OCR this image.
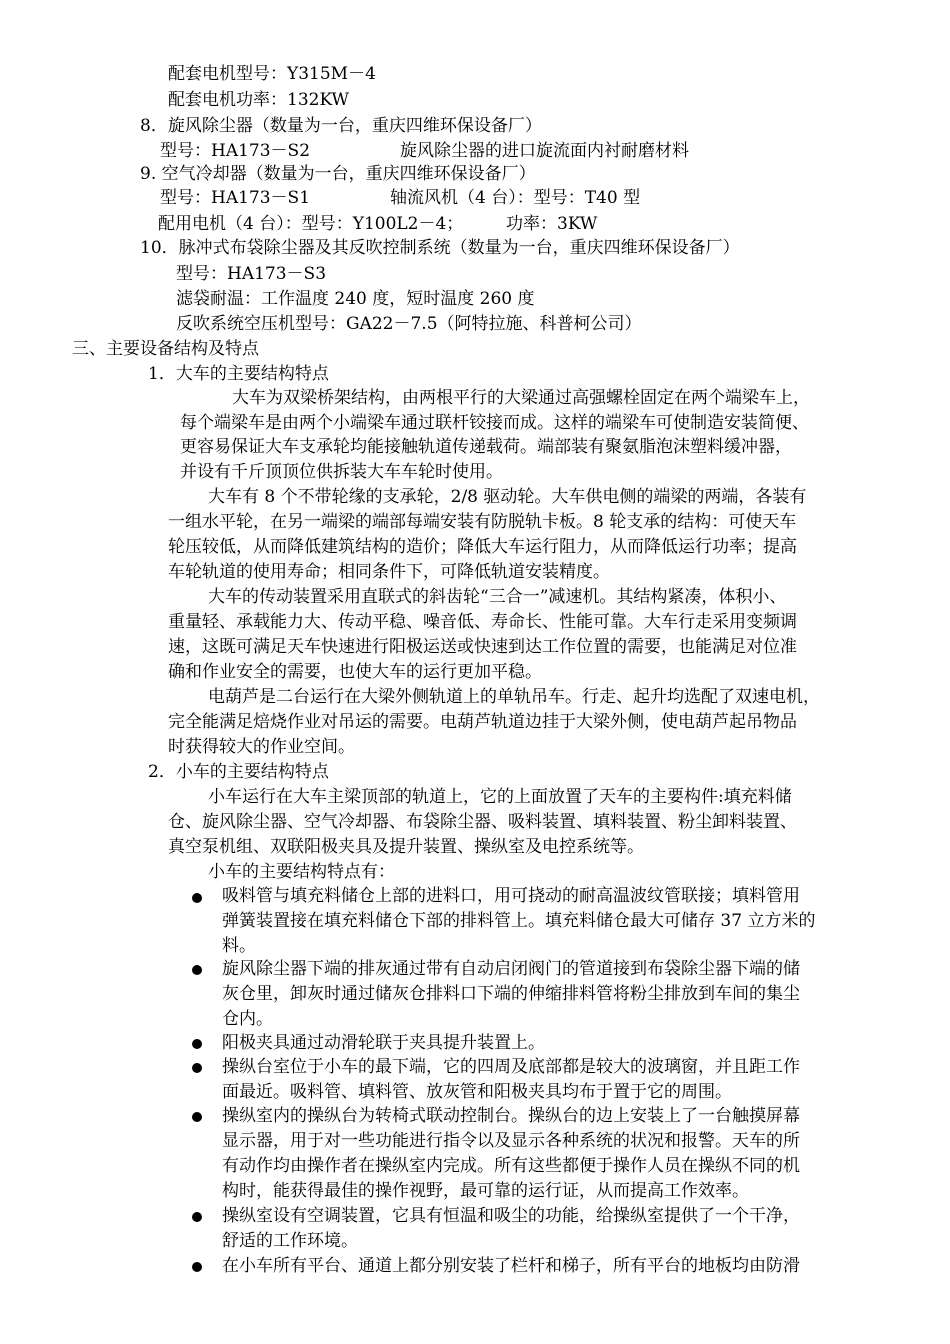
配套电机型号：Y315M－4
配套电机功率：132KW
8．旋风除尘器（数量为一台，重庆四维环保设备厂）
型号：HA173－S2	旋风除尘器的进口旋流面内衬耐磨材料
9. 空气冷却器（数量为一台，重庆四维环保设备厂）
型号：HA173－S1	轴流风机（4 台）：型号：T40 型
配用电机（4 台）：型号：Y100L2－4；	功率：3KW
10．脉冲式布袋除尘器及其反吹控制系统（数量为一台，重庆四维环保设备厂）
型号：HA173－S3
滤袋耐温：工作温度 240 度，短时温度 260 度
反吹系统空压机型号：GA22－7.5（阿特拉施、科普柯公司）
三、主要设备结构及特点
1．大车的主要结构特点
大车为双梁桥架结构，由两根平行的大梁通过高强螺栓固定在两个端梁车上，
每个端梁车是由两个小端梁车通过联杆铰接而成。这样的端梁车可使制造安装简便、
更容易保证大车支承轮均能接触轨道传递载荷。端部装有聚氨脂泡沫塑料缓冲器，
并设有千斤顶顶位供拆装大车车轮时使用。
大车有 8 个不带轮缘的支承轮，2/8 驱动轮。大车供电侧的端梁的两端，各装有
一组水平轮，在另一端梁的端部每端安装有防脱轨卡板。8 轮支承的结构：可使天车
轮压较低，从而降低建筑结构的造价；降低大车运行阻力，从而降低运行功率；提高
车轮轨道的使用寿命；相同条件下，可降低轨道安装精度。
大车的传动装置采用直联式的斜齿轮“三合一”减速机。其结构紧凑，体积小、
重量轻、承载能力大、传动平稳、噪音低、寿命长、性能可靠。大车行走采用变频调
速，这既可满足天车快速进行阳极运送或快速到达工作位置的需要，也能满足对位准
确和作业安全的需要，也使大车的运行更加平稳。
电葫芦是二台运行在大梁外侧轨道上的单轨吊车。行走、起升均选配了双速电机，
完全能满足焙烧作业对吊运的需要。电葫芦轨道边挂于大梁外侧，使电葫芦起吊物品
时获得较大的作业空间。
2．小车的主要结构特点
小车运行在大车主梁顶部的轨道上，它的上面放置了天车的主要构件:填充料储
仓、旋风除尘器、空气冷却器、布袋除尘器、吸料装置、填料装置、粉尘卸料装置、
真空泵机组、双联阳极夹具及提升装置、操纵室及电控系统等。
小车的主要结构特点有：
吸料管与填充料储仓上部的进料口，用可挠动的耐高温波纹管联接；填料管用
弹簧装置接在填充料储仓下部的排料管上。填充料储仓最大可储存 37 立方米的
料。
旋风除尘器下端的排灰通过带有自动启闭阀门的管道接到布袋除尘器下端的储
灰仓里，卸灰时通过储灰仓排料口下端的伸缩排料管将粉尘排放到车间的集尘
仓内。
阳极夹具通过动滑轮联于夹具提升装置上。
操纵台室位于小车的最下端，它的四周及底部都是较大的波璃窗，并且距工作
面最近。吸料管、填料管、放灰管和阳极夹具均布于置于它的周围。
操纵室内的操纵台为转椅式联动控制台。操纵台的边上安装上了一台触摸屏幕
显示器，用于对一些功能进行指令以及显示各种系统的状况和报警。天车的所
有动作均由操作者在操纵室内完成。所有这些都便于操作人员在操纵不同的机
构时，能获得最佳的操作视野，最可靠的运行证，从而提高工作效率。
操纵室设有空调装置，它具有恒温和吸尘的功能，给操纵室提供了一个干净，
舒适的工作环境。
在小车所有平台、通道上都分别安装了栏杆和梯子，所有平台的地板均由防滑
